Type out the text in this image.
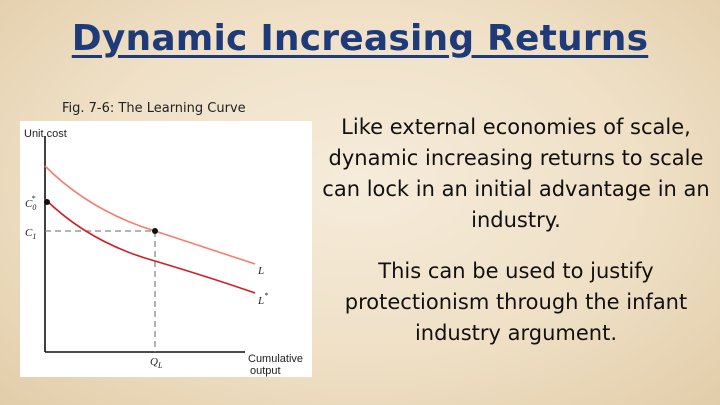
Dynamic Increasing Returns
Fig. 7-6: The Learning Curve
Unit cost
$C_0*$
$C_1$
$Q_L$
L
L*
Cumulative
output

Like external economies of scale, dynamic increasing returns to scale can lock in an initial advantage in an industry.

This can be used to justify protectionism through the infant industry argument.
